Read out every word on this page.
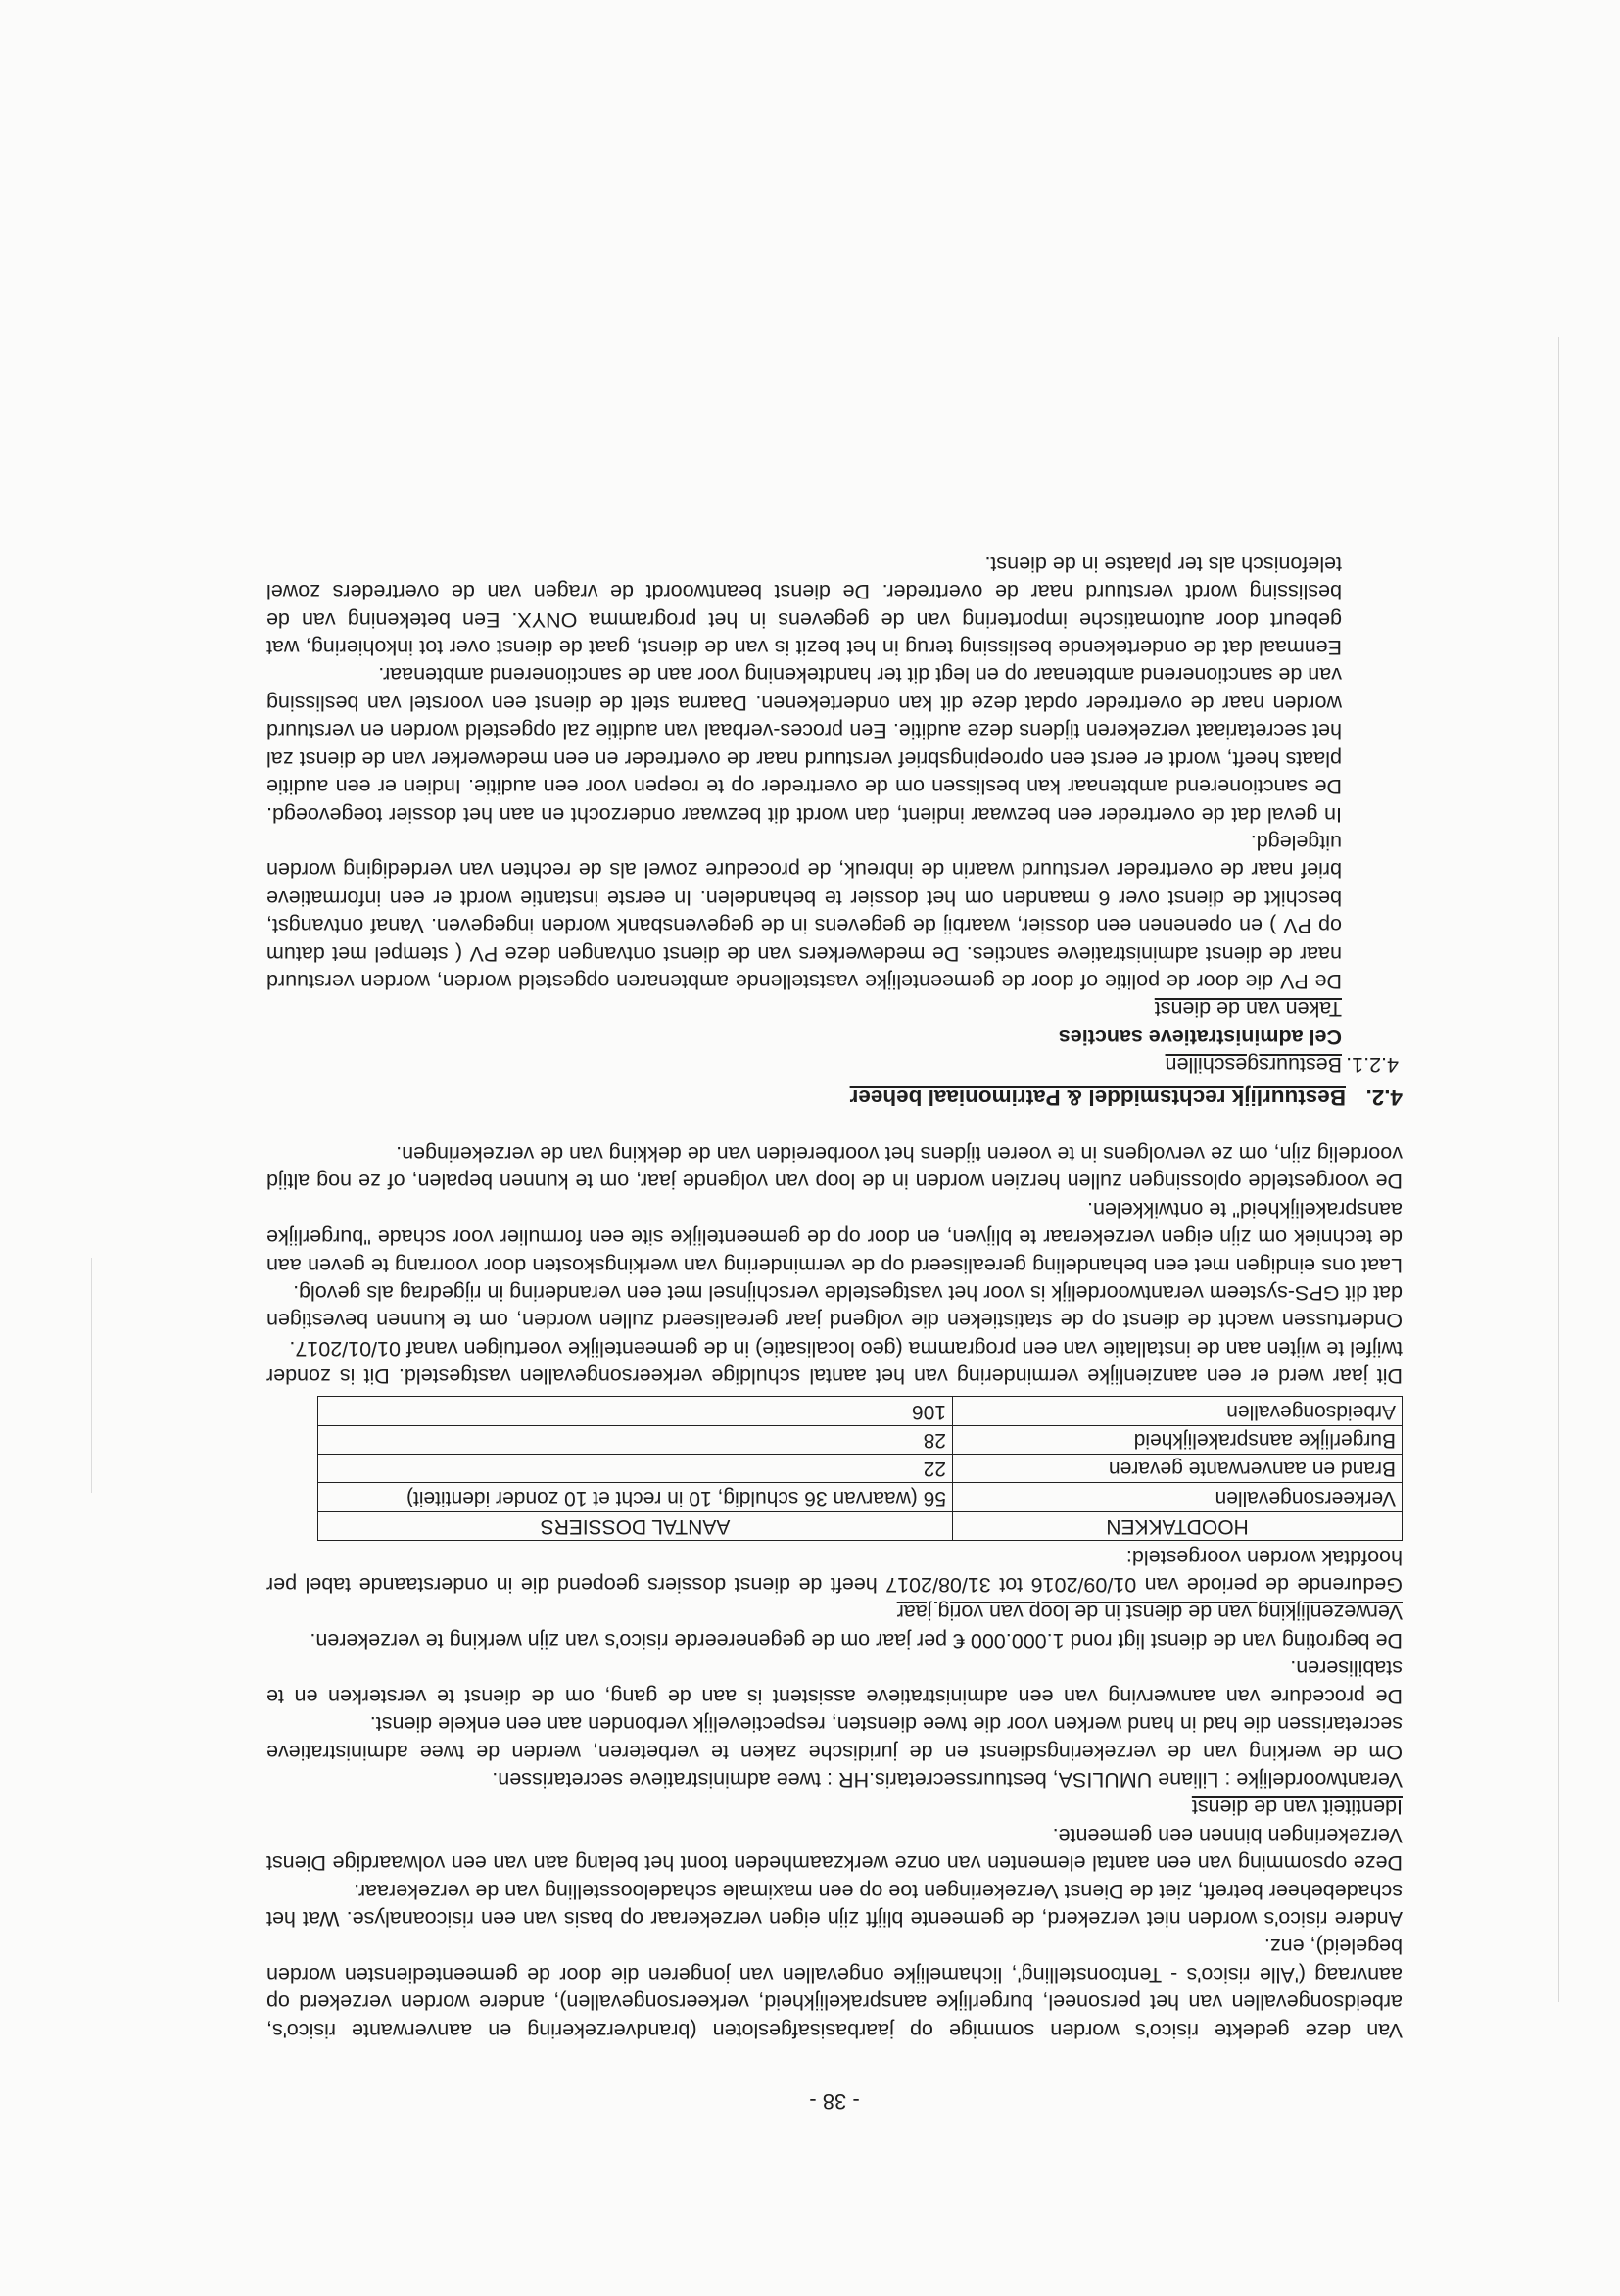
- 38 -

Van deze gedekte risico's worden sommige op jaarbasisafgesloten (brandverzekering en aanverwante risico's, arbeidsongevallen van het personeel, burgerlijke aansprakelijkheid, verkeersongevallen), andere worden verzekerd op aanvraag ('Alle risico's - Tentoonstelling', lichamelijke ongevallen van jongeren die door de gemeentediensten worden begeleid), enz.

Andere risico's worden niet verzekerd, de gemeente blijft zijn eigen verzekeraar op basis van een risicoanalyse. Wat het schadebeheer betreft, ziet de Dienst Verzekeringen toe op een maximale schadeloosstelling van de verzekeraar.

Deze opsomming van een aantal elementen van onze werkzaamheden toont het belang aan van een volwaardige Dienst Verzekeringen binnen een gemeente.

Identiteit van de dienst

Verantwoordelijke : Liliane UMULISA, bestuurssecretaris.HR : twee administratieve secretarissen.

Om de werking van de verzekeringsdienst en de juridische zaken te verbeteren, werden de twee administratieve secretarissen die had in hand werken voor die twee diensten, respectievelijk verbonden aan een enkele dienst.

De procedure van aanwerving van een administratieve assistent is aan de gang, om de dienst te versterken en te stabiliseren.

De begroting van de dienst ligt rond 1.000.000 € per jaar om de gegenereerde risico's van zijn werking te verzekeren.

Verwezenlijking van de dienst in de loop van vorig jaar

Gedurende de periode van 01/09/2016 tot 31/08/2017 heeft de dienst dossiers geopend die in onderstaande tabel per hoofdtak worden voorgesteld:

HOODTAKKEN	AANTAL DOSSIERS
Verkeersongevallen	56 (waarvan 36 schuldig, 10 in recht et 10 zonder identiteit)
Brand en aanverwante gevaren	22
Burgerlijke aansprakelijkheid	28
Arbeidsongevallen	106

Dit jaar werd er een aanzienlijke vermindering van het aantal schuldige verkeersongevallen vastgesteld. Dit is zonder twijfel te wijten aan de installatie van een programma (geo localisatie) in de gemeentelijke voertuigen vanaf 01/01/2017.

Ondertussen wacht de dienst op de statistieken die volgend jaar gerealiseerd zullen worden, om te kunnen bevestigen dat dit GPS-systeem verantwoordelijk is voor het vastgestelde verschijnsel met een verandering in rijgedrag als gevolg.

Laat ons eindigen met een behandeling gerealiseerd op de vermindering van werkingskosten door voorrang te geven aan de techniek om zijn eigen verzekeraar te blijven, en door op de gemeentelijke site een formulier voor schade "burgerlijke aansprakelijkheid" te ontwikkelen.

De voorgestelde oplossingen zullen herzien worden in de loop van volgende jaar, om te kunnen bepalen, of ze nog altijd voordelig zijn, om ze vervolgens in te voeren tijdens het voorbereiden van de dekking van de verzekeringen.

4.2.Bestuurlijk rechtsmiddel & Patrimoniaal beheer
4.2.1.Bestuursgeschillen
Cel administratieve sancties
Taken van de dienst

De PV die door de politie of door de gemeentelijke vaststellende ambtenaren opgesteld worden, worden verstuurd naar de dienst administratieve sancties. De medewerkers van de dienst ontvangen deze PV ( stempel met datum op PV ) en openenen een dossier, waarbij de gegevens in de gegevensbank worden ingegeven. Vanaf ontvangst, beschikt de dienst over 6 maanden om het dossier te behandelen. In eerste instantie wordt er een informatieve brief naar de overtreder verstuurd waarin de inbreuk, de procedure zowel als de rechten van verdediging worden uitgelegd.

In geval dat de overtreder een bezwaar indient, dan wordt dit bezwaar onderzocht en aan het dossier toegevoegd. De sanctionerend ambtenaar kan beslissen om de overtreder op te roepen voor een auditie. Indien er een auditie plaats heeft, wordt er eerst een oproepingsbrief verstuurd naar de overtreder en een medewerker van de dienst zal het secretariaat verzekeren tijdens deze auditie. Een proces-verbaal van auditie zal opgesteld worden en verstuurd worden naar de overtreder opdat deze dit kan ondertekenen. Daarna stelt de dienst een voorstel van beslissing van de sanctionerend ambtenaar op en legt dit ter handtekening voor aan de sanctionerend ambtenaar.

Eenmaal dat de ondertekende beslissing terug in het bezit is van de dienst, gaat de dienst over tot inkohiering, wat gebeurt door automatische importering van de gegevens in het programma ONYX. Een betekening van de beslissing wordt verstuurd naar de overtreder. De dienst beantwoordt de vragen van de overtreders zowel telefonisch als ter plaatse in de dienst.
